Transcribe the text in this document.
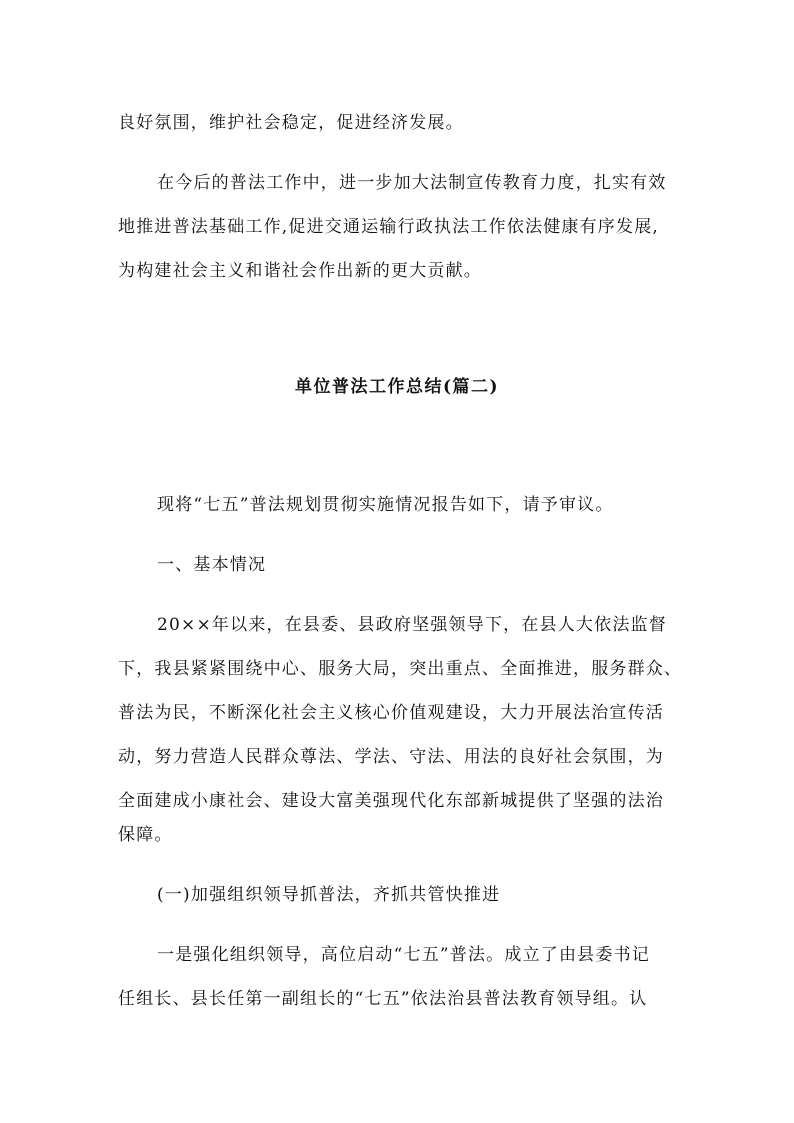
良好氛围，维护社会稳定，促进经济发展。
在今后的普法工作中，进一步加大法制宣传教育力度，扎实有效
地推进普法基础工作,促进交通运输行政执法工作依法健康有序发展,
为构建社会主义和谐社会作出新的更大贡献。
单位普法工作总结(篇二)
现将“七五”普法规划贯彻实施情况报告如下，请予审议。
一、基本情况
20××年以来，在县委、县政府坚强领导下，在县人大依法监督
下，我县紧紧围绕中心、服务大局，突出重点、全面推进，服务群众、
普法为民，不断深化社会主义核心价值观建设，大力开展法治宣传活
动，努力营造人民群众尊法、学法、守法、用法的良好社会氛围，为
全面建成小康社会、建设大富美强现代化东部新城提供了坚强的法治
保障。
(一)加强组织领导抓普法，齐抓共管快推进
一是强化组织领导，高位启动“七五”普法。成立了由县委书记
任组长、县长任第一副组长的“七五”依法治县普法教育领导组。认
